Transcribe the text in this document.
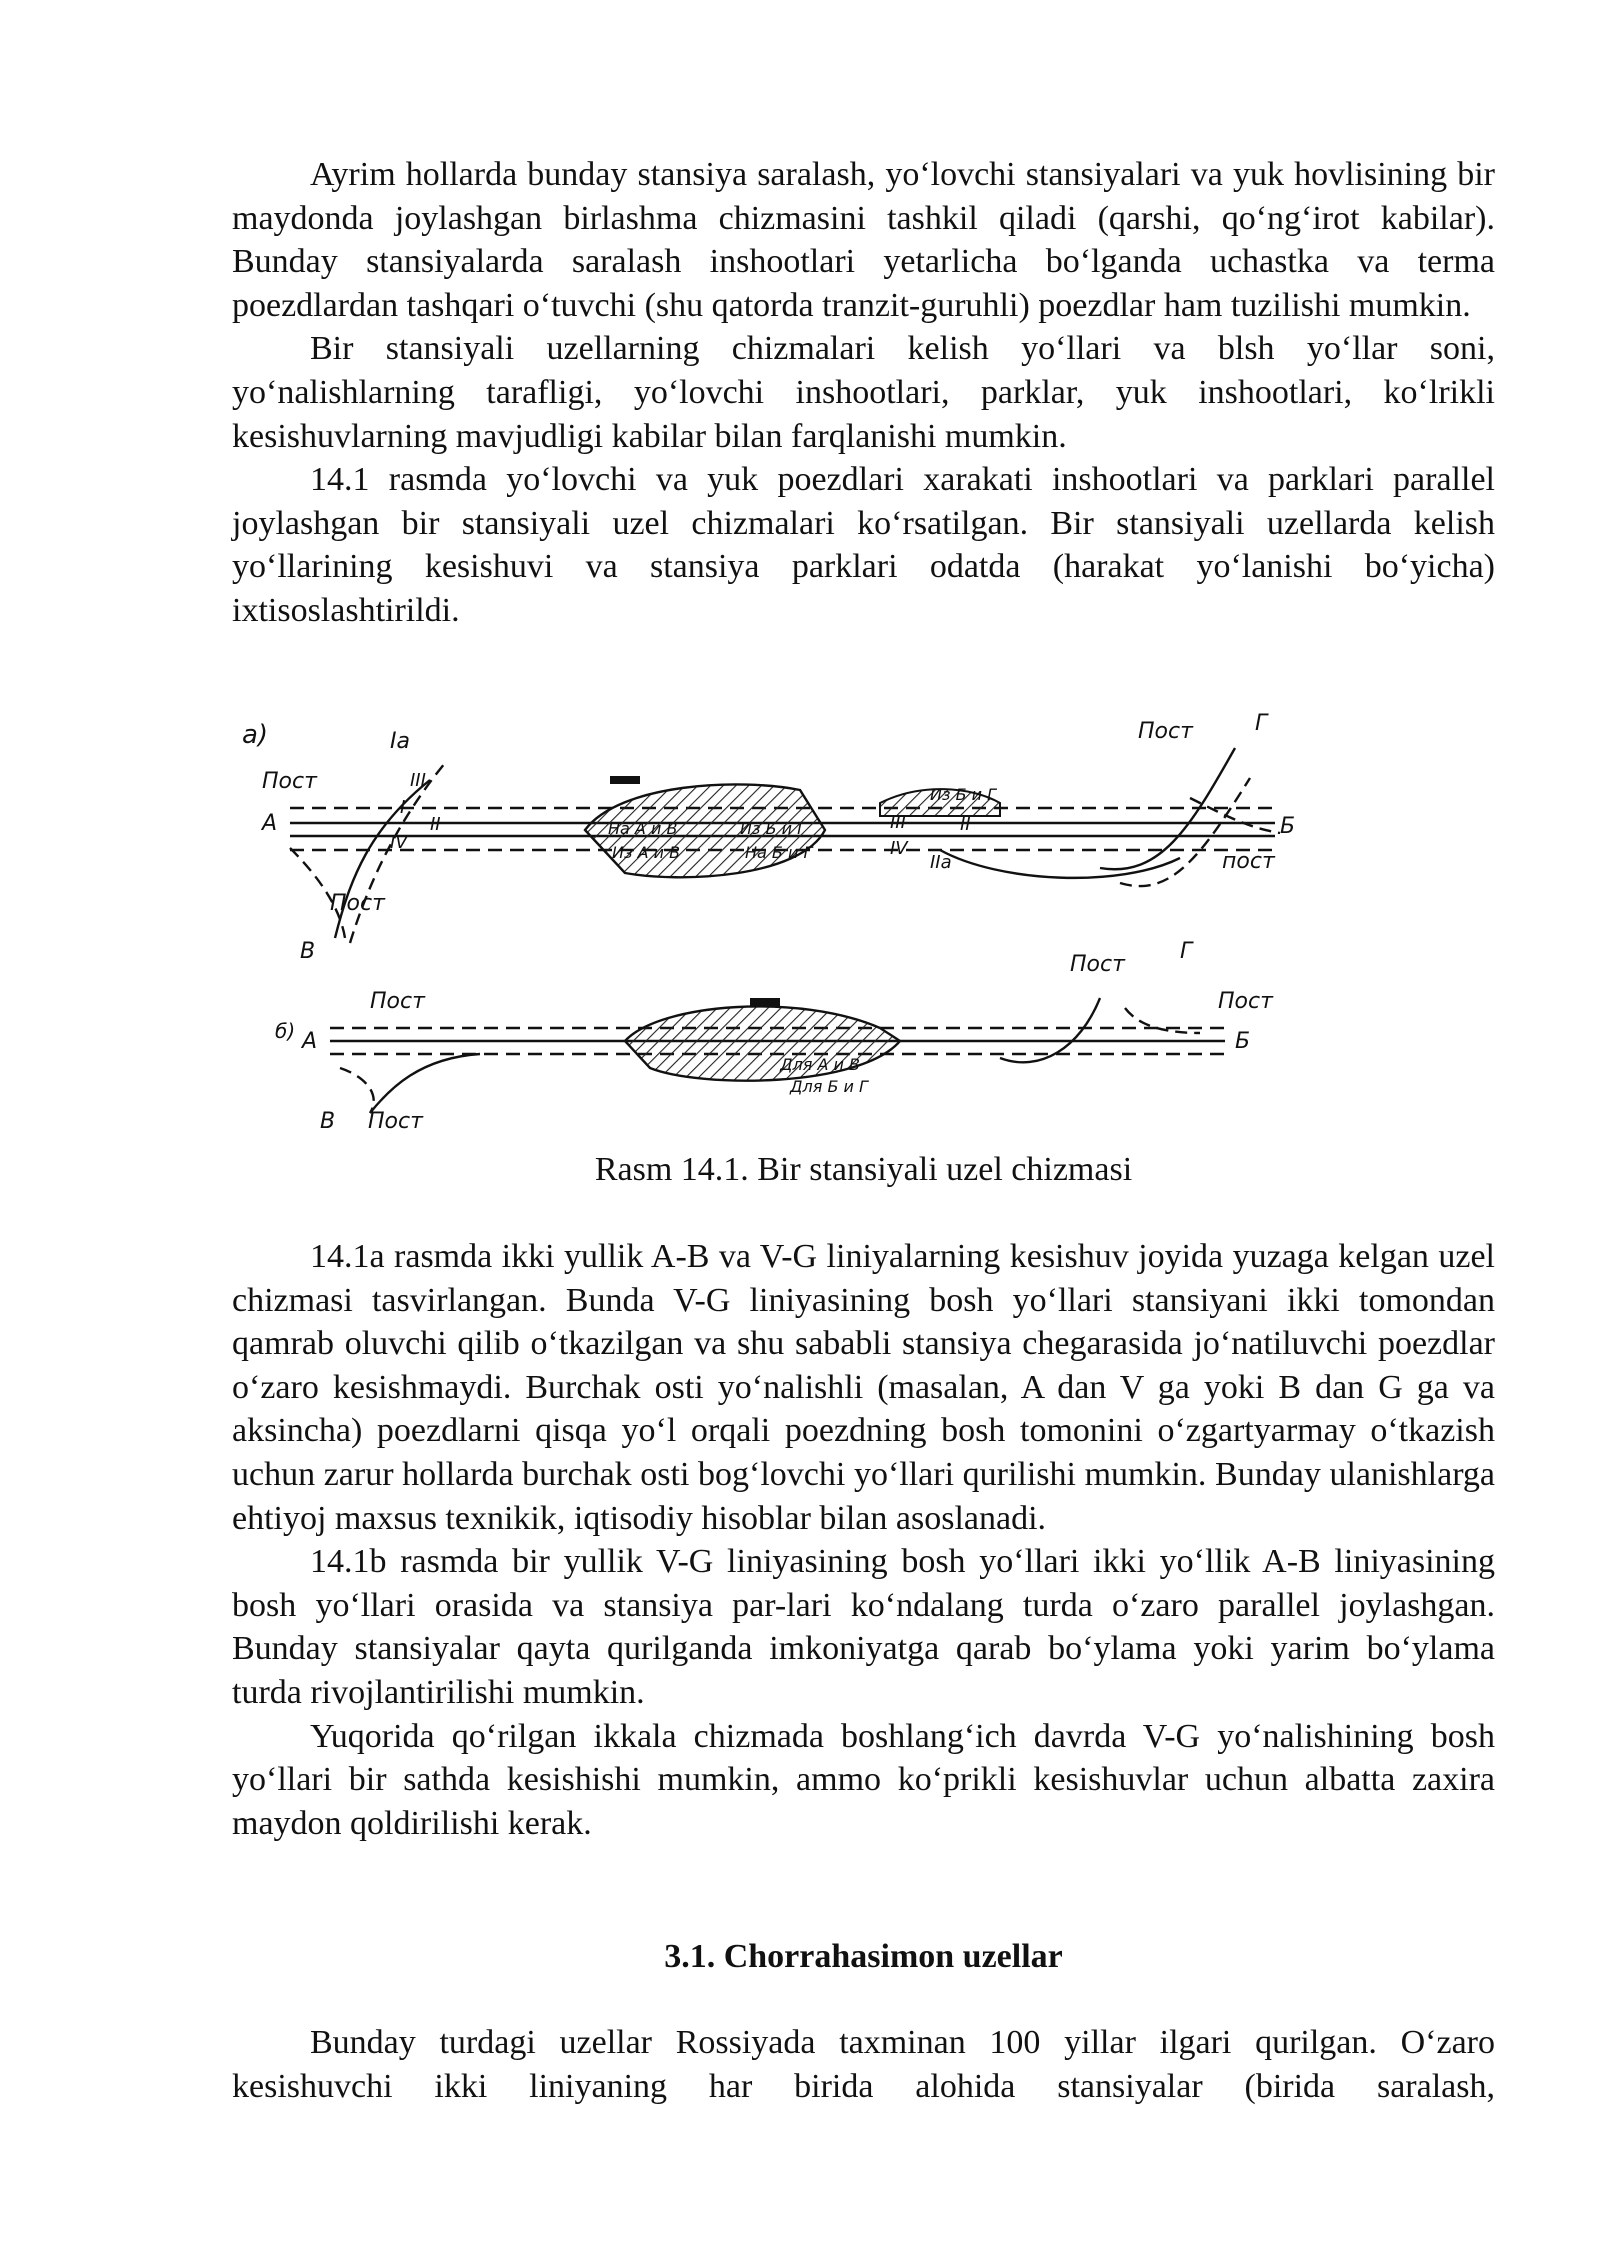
Ayrim hollarda bunday stansiya saralash, yo‘lovchi stansiyalari va yuk hovlisining bir maydonda joylashgan birlashma chizmasini tashkil qiladi (qarshi, qo‘ng‘irot kabilar). Bunday stansiyalarda saralash inshootlari yetarlicha bo‘lganda uchastka va terma poezdlardan tashqari o‘tuvchi (shu qatorda tranzit-guruhli) poezdlar ham tuzilishi mumkin.

Bir stansiyali uzellarning chizmalari kelish yo‘llari va blsh yo‘llar soni, yo‘nalishlarning tarafligi, yo‘lovchi inshootlari, parklar, yuk inshootlari, ko‘lrikli kesishuvlarning mavjudligi kabilar bilan farqlanishi mumkin.

14.1 rasmda yo‘lovchi va yuk poezdlari xarakati inshootlari va parklari parallel joylashgan bir stansiyali uzel chizmalari ko‘rsatilgan. Bir stansiyali uzellarda kelish yo‘llarining kesishuvi va stansiya parklari odatda (harakat yo‘lanishi bo‘yicha) ixtisoslashtirildi.

а)
Пост
А
Iа
I
II
III
IV
Пост
В
На А и В
Из А и В
Из Б и Г
На Б и Г
Из Б и Г
III
IV
II
IIа
Пост	Г
Б
пост
б)
Пост
А
В Пост
Для А и В
Для Б и Г
Пост
Г
Пост
Б
Rasm 14.1. Bir stansiyali uzel chizmasi

14.1a rasmda ikki yullik A-B va V-G liniyalarning kesishuv joyida yuzaga kelgan uzel chizmasi tasvirlangan. Bunda V-G liniyasining bosh yo‘llari stansiyani ikki tomondan qamrab oluvchi qilib o‘tkazilgan va shu sababli stansiya chegarasida jo‘natiluvchi poezdlar o‘zaro kesishmaydi. Burchak osti yo‘nalishli (masalan, A dan V ga yoki B dan G ga va aksincha) poezdlarni qisqa yo‘l orqali poezdning bosh tomonini o‘zgartyarmay o‘tkazish uchun zarur hollarda burchak osti bog‘lovchi yo‘llari qurilishi mumkin. Bunday ulanishlarga ehtiyoj maxsus texnikik, iqtisodiy hisoblar bilan asoslanadi.

14.1b rasmda bir yullik V-G liniyasining bosh yo‘llari ikki yo‘llik A-B liniyasining bosh yo‘llari orasida va stansiya par-lari ko‘ndalang turda o‘zaro parallel joylashgan. Bunday stansiyalar qayta qurilganda imkoniyatga qarab bo‘ylama yoki yarim bo‘ylama turda rivojlantirilishi mumkin.

Yuqorida qo‘rilgan ikkala chizmada boshlang‘ich davrda V-G yo‘nalishining bosh yo‘llari bir sathda kesishishi mumkin, ammo ko‘prikli kesishuvlar uchun albatta zaxira maydon qoldirilishi kerak.

3.1. Chorrahasimon uzellar

Bunday turdagi uzellar Rossiyada taxminan 100 yillar ilgari qurilgan. O‘zaro kesishuvchi ikki liniyaning har birida alohida stansiyalar (birida saralash,
